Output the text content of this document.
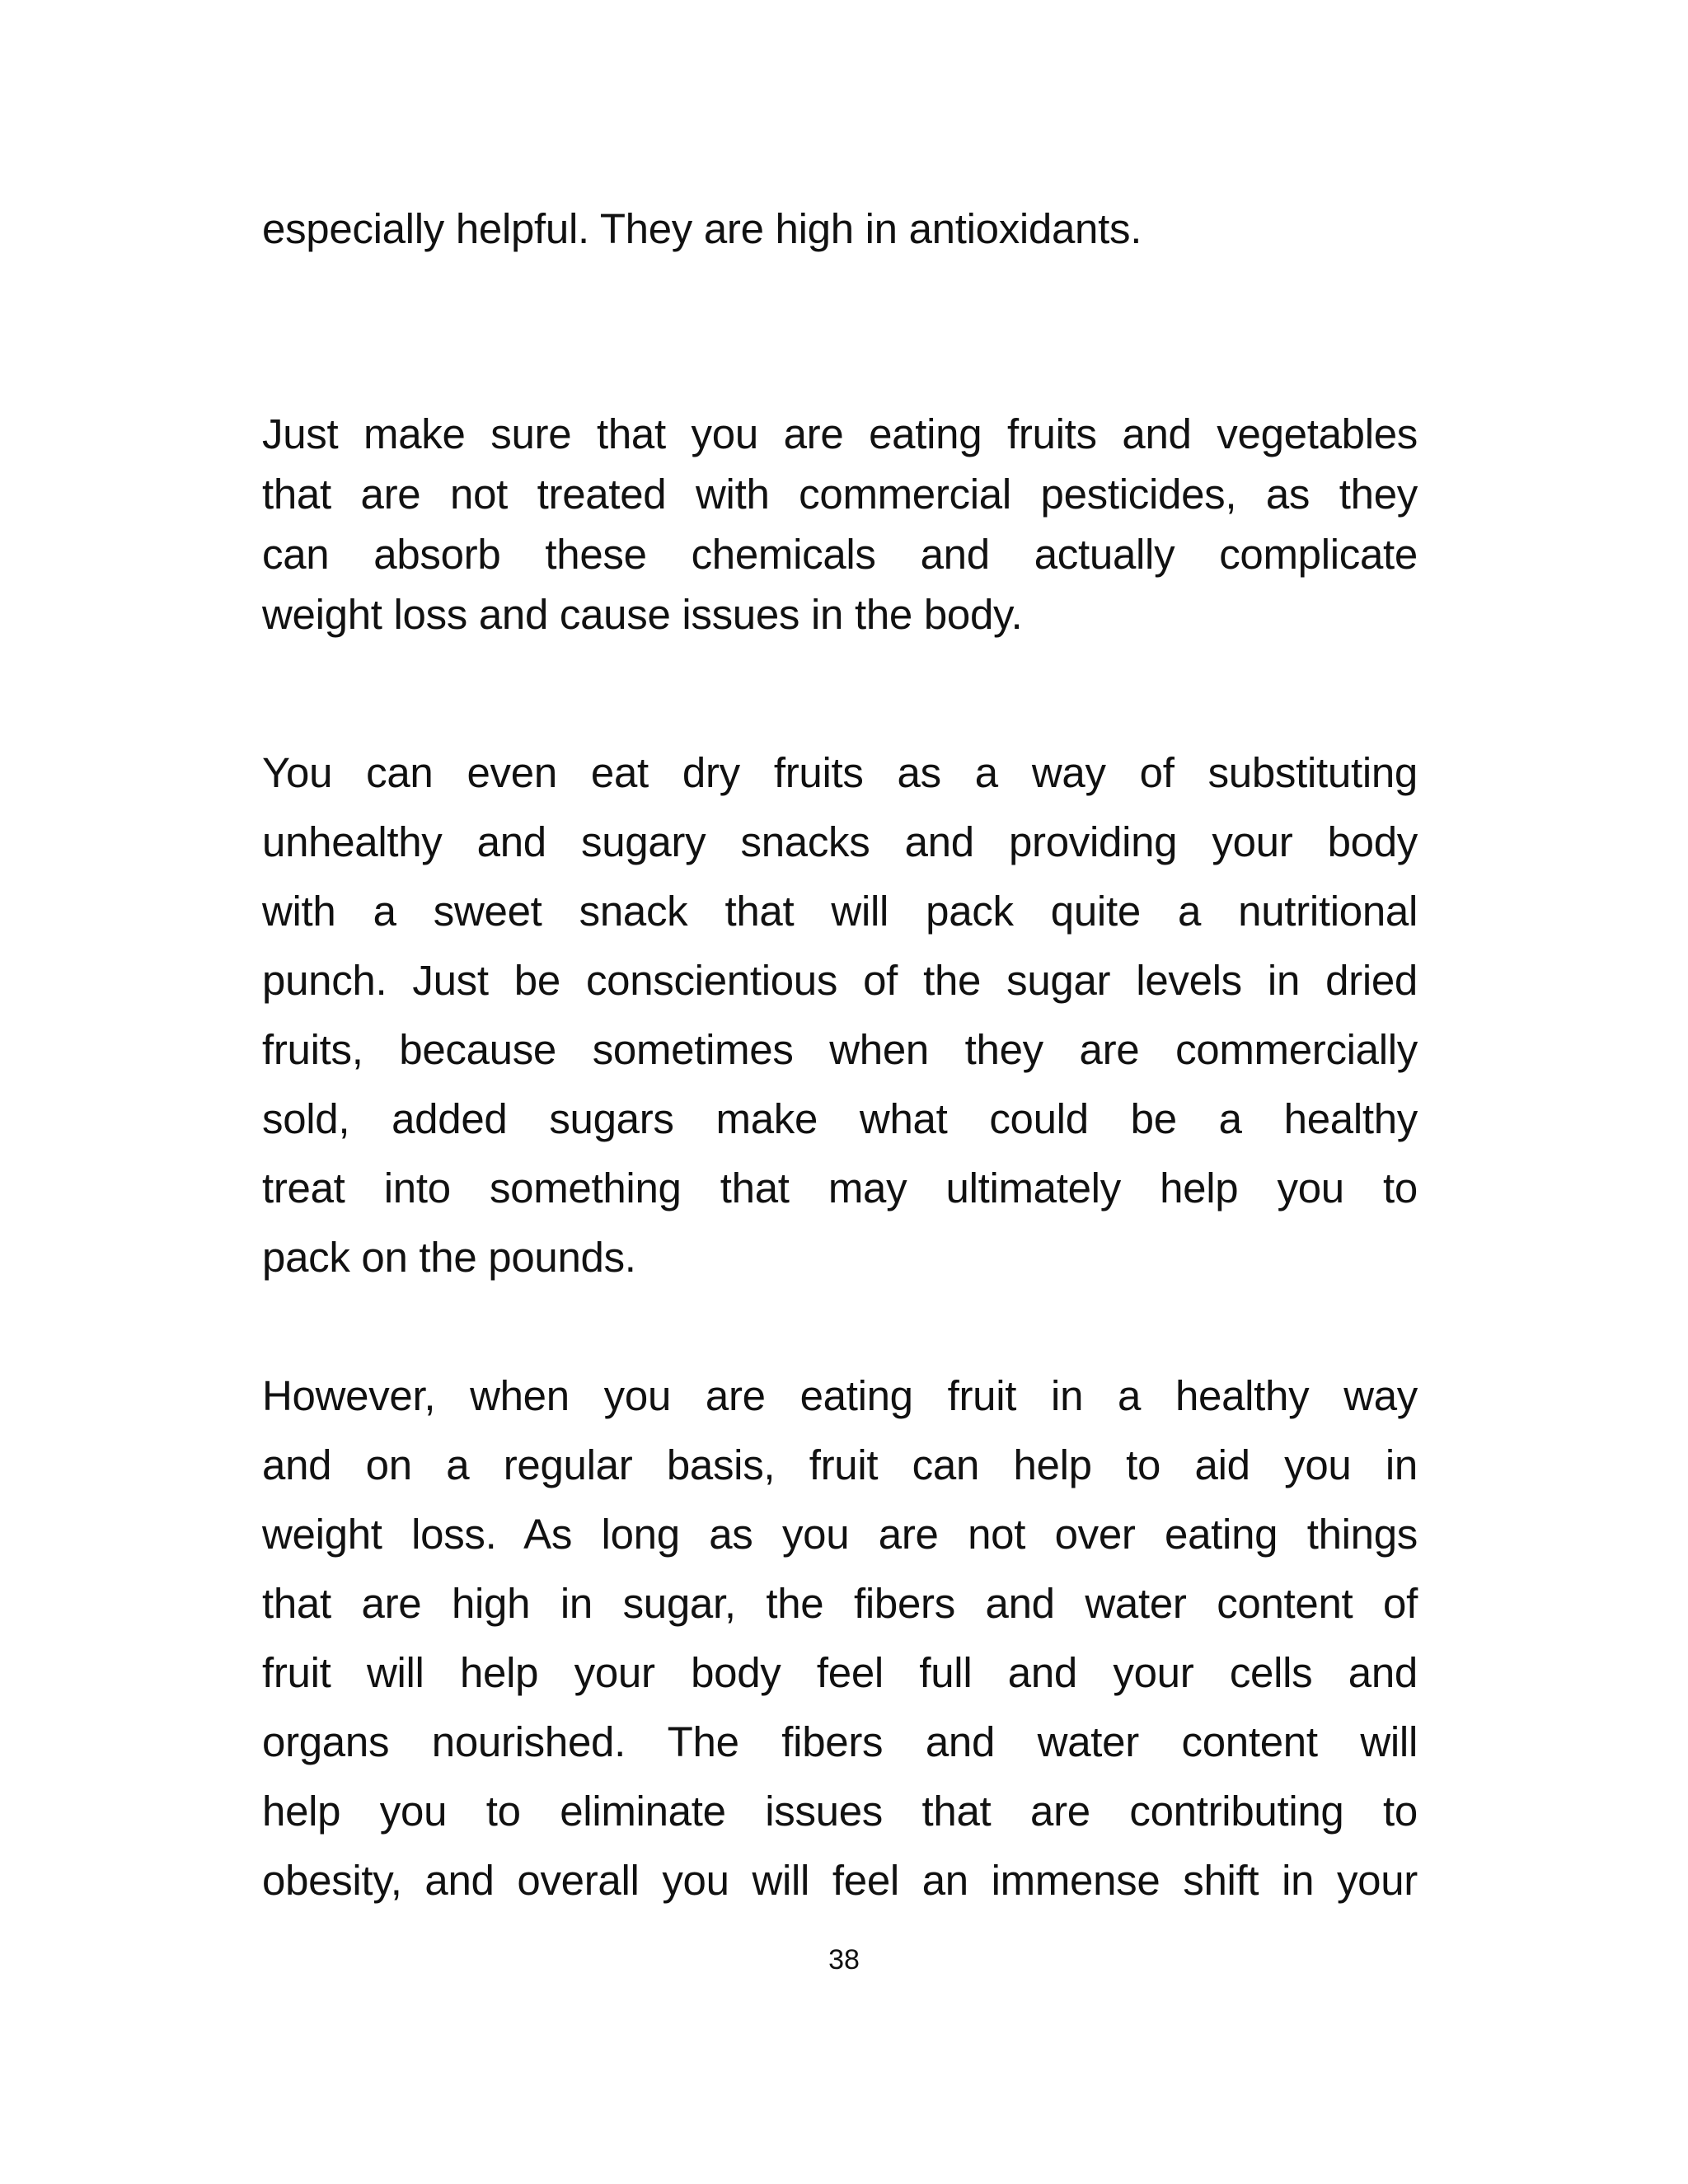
especially helpful. They are high in antioxidants.
Just make sure that you are eating fruits and vegetables
that are not treated with commercial pesticides, as they
can absorb these chemicals and actually complicate
weight loss and cause issues in the body.
You can even eat dry fruits as a way of substituting
unhealthy and sugary snacks and providing your body
with a sweet snack that will pack quite a nutritional
punch. Just be conscientious of the sugar levels in dried
fruits, because sometimes when they are commercially
sold, added sugars make what could be a healthy
treat into something that may ultimately help you to
pack on the pounds.
However, when you are eating fruit in a healthy way
and on a regular basis, fruit can help to aid you in
weight loss. As long as you are not over eating things
that are high in sugar, the fibers and water content of
fruit will help your body feel full and your cells and
organs nourished. The fibers and water content will
help you to eliminate issues that are contributing to
obesity, and overall you will feel an immense shift in your
38
